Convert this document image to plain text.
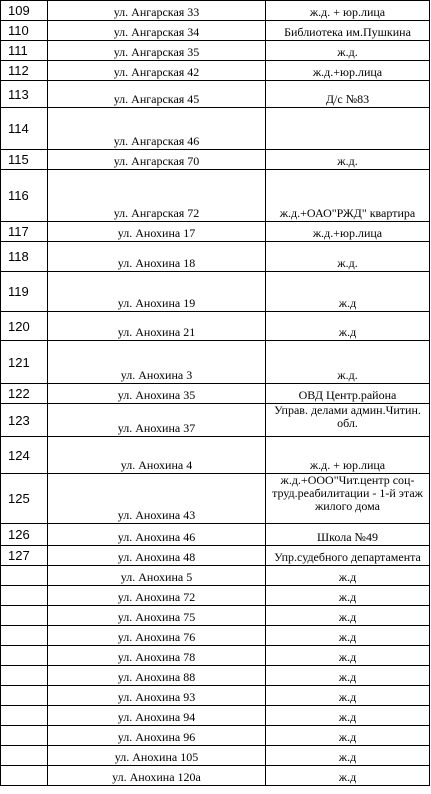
109	ул. Ангарская 33	ж.д. + юр.лица
110	ул. Ангарская 34	Библиотека им.Пушкина
111	ул. Ангарская 35	ж.д.
112	ул. Ангарская 42	ж.д.+юр.лица
113	ул. Ангарская 45	Д/с №83
114	ул. Ангарская 46	
115	ул. Ангарская 70	ж.д.
116	ул. Ангарская 72	ж.д.+ОАО"РЖД" квартира
117	ул. Анохина 17	ж.д.+юр.лица
118	ул. Анохина 18	ж.д.
119	ул. Анохина 19	ж.д
120	ул. Анохина 21	ж.д
121	ул. Анохина 3	ж.д.
122	ул. Анохина 35	ОВД Центр.района
123	ул. Анохина 37	Управ. делами админ.Читин. обл.
124	ул. Анохина 4	ж.д. + юр.лица
125	ул. Анохина 43	ж.д.+ООО"Чит.центр соц-труд.реабилитации - 1-й этаж жилого дома
126	ул. Анохина 46	Школа №49
127	ул. Анохина 48	Упр.судебного департамента
	ул. Анохина 5	ж.д
	ул. Анохина 72	ж.д
	ул. Анохина 75	ж.д
	ул. Анохина 76	ж.д
	ул. Анохина 78	ж.д
	ул. Анохина 88	ж.д
	ул. Анохина 93	ж.д
	ул. Анохина 94	ж.д
	ул. Анохина 96	ж.д
	ул. Анохина 105	ж.д
	ул. Анохина 120а	ж.д
